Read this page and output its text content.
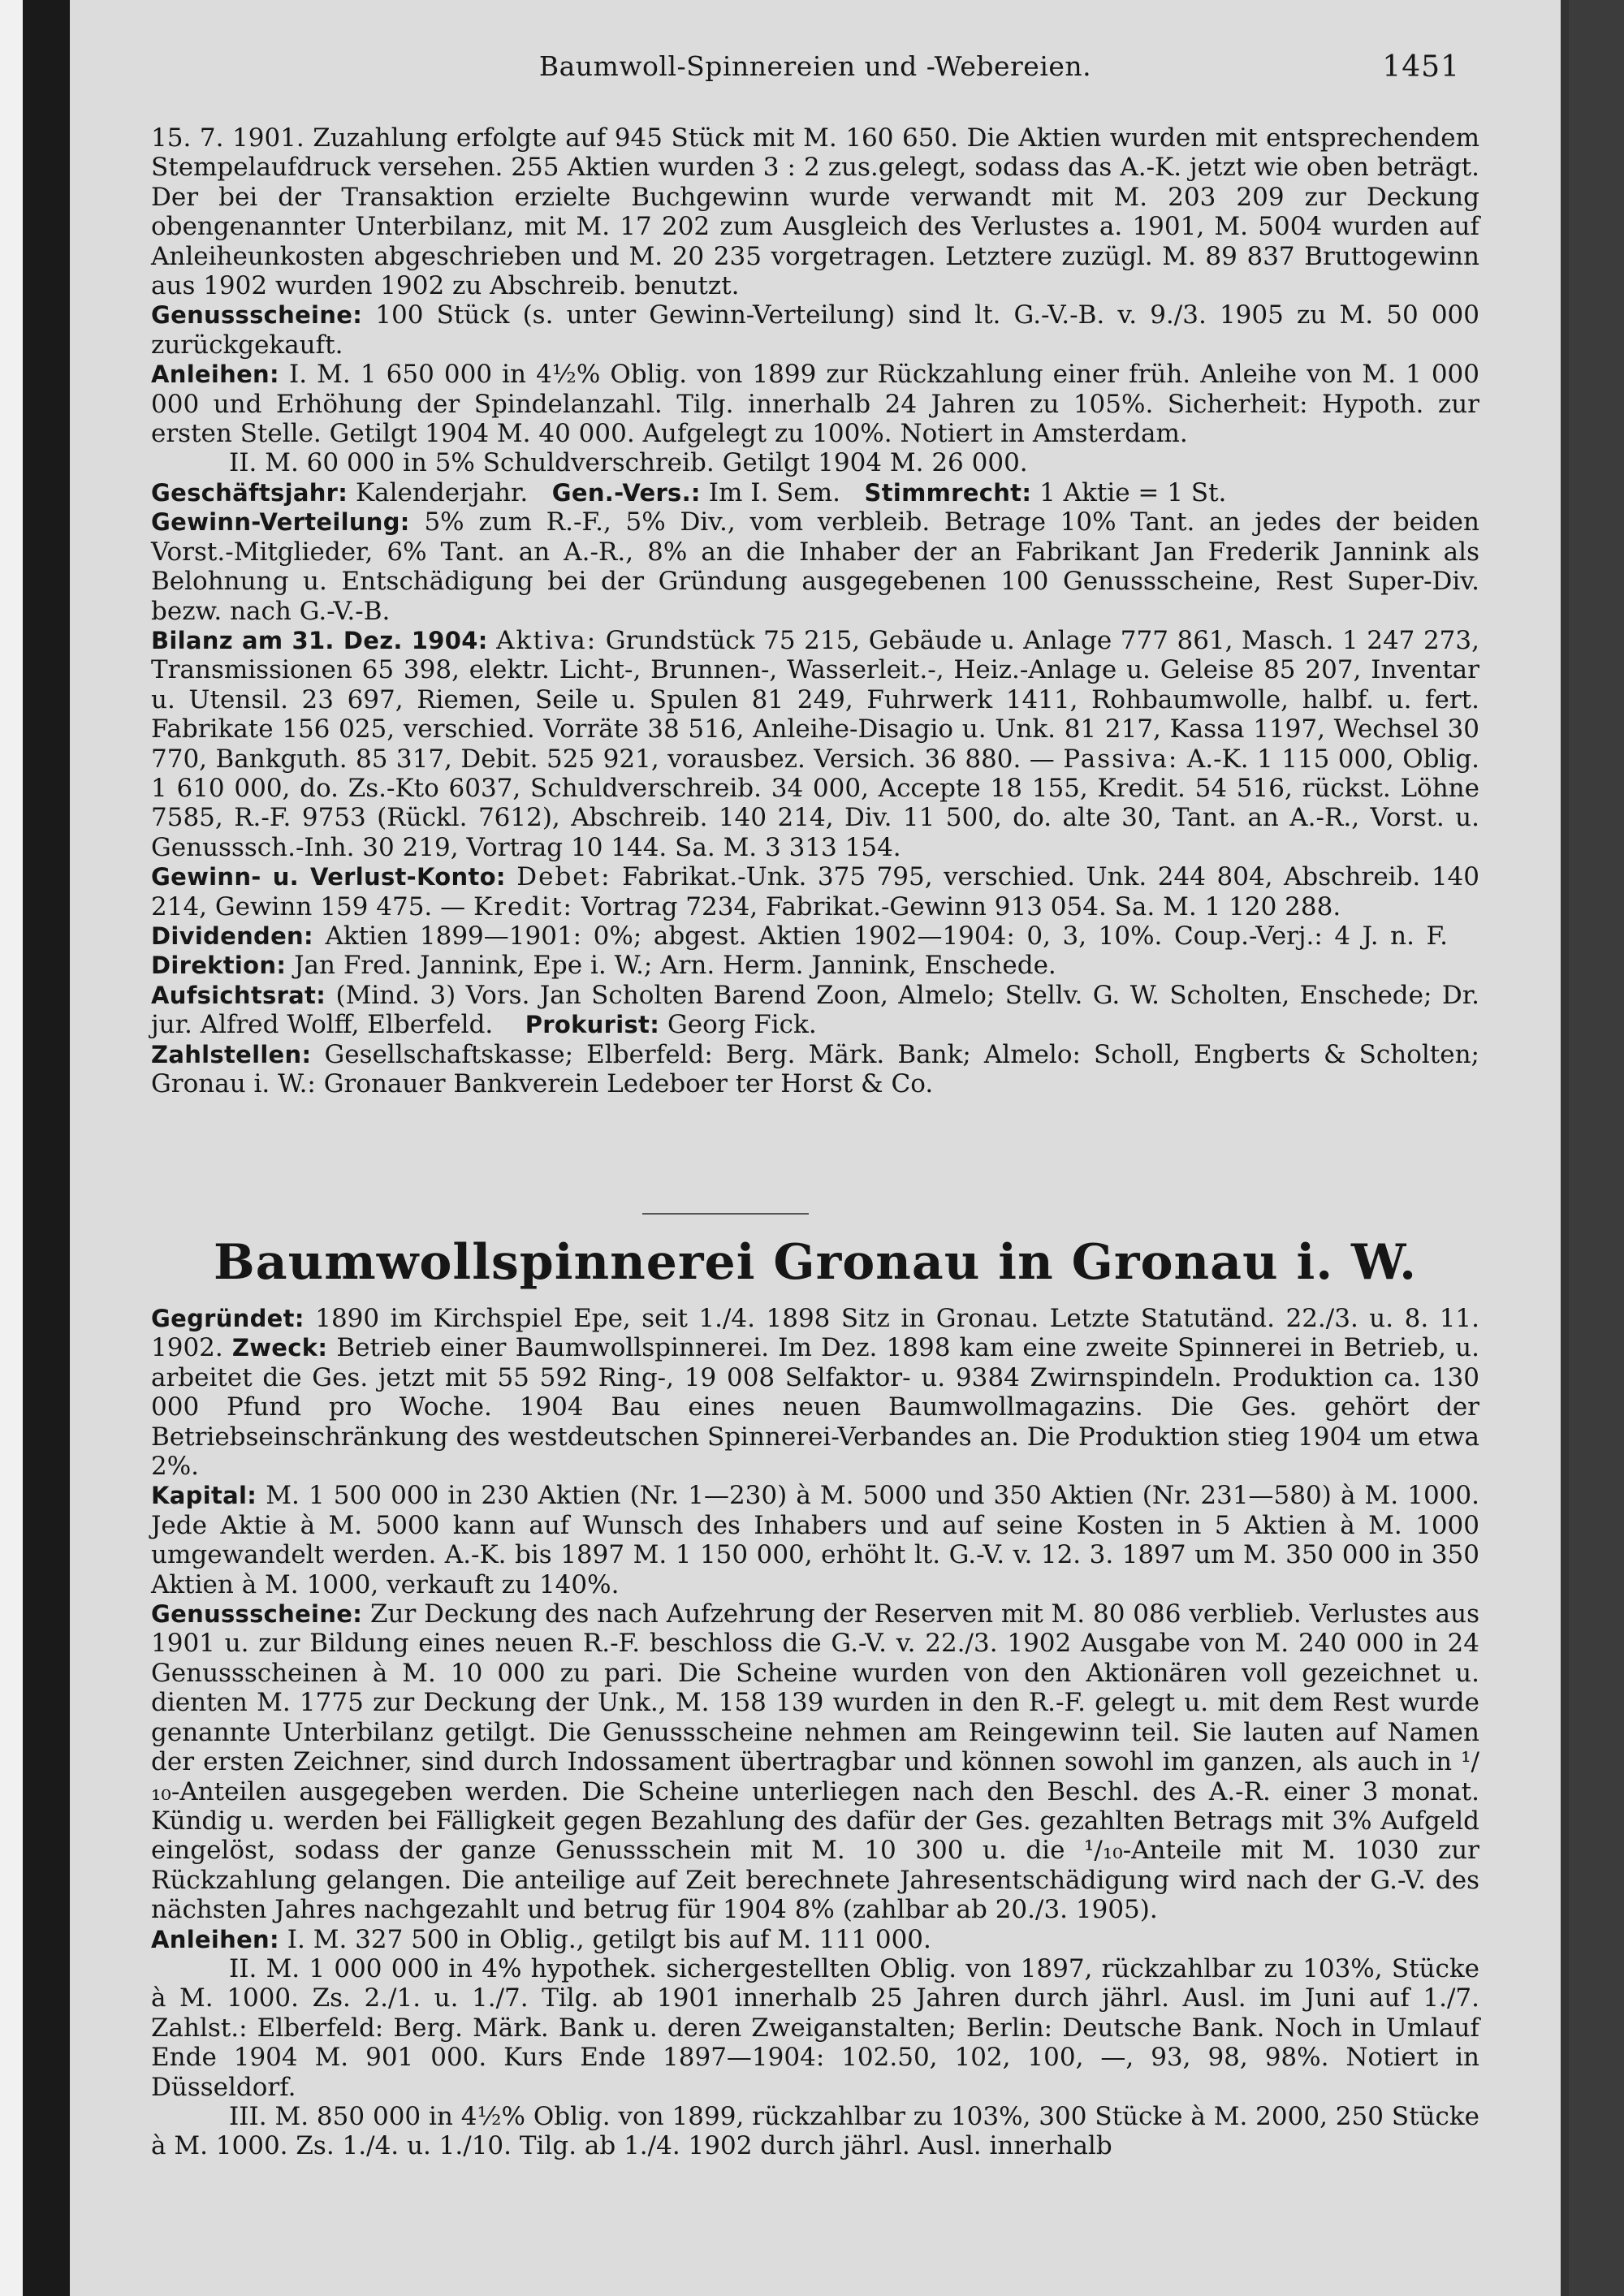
Baumwoll-Spinnereien und -Webereien.	1451

15. 7. 1901. Zuzahlung erfolgte auf 945 Stück mit M. 160 650. Die Aktien wurden mit entsprechendem Stempelaufdruck versehen. 255 Aktien wurden 3 : 2 zus.gelegt, sodass das A.-K. jetzt wie oben beträgt. Der bei der Transaktion erzielte Buchgewinn wurde verwandt mit M. 203 209 zur Deckung obengenannter Unterbilanz, mit M. 17 202 zum Ausgleich des Verlustes a. 1901, M. 5004 wurden auf Anleiheunkosten abgeschrieben und M. 20 235 vorgetragen. Letztere zuzügl. M. 89 837 Bruttogewinn aus 1902 wurden 1902 zu Abschreib. benutzt.

Genussscheine: 100 Stück (s. unter Gewinn-Verteilung) sind lt. G.-V.-B. v. 9./3. 1905 zu M. 50 000 zurückgekauft.

Anleihen: I. M. 1 650 000 in 4½% Oblig. von 1899 zur Rückzahlung einer früh. Anleihe von M. 1 000 000 und Erhöhung der Spindelanzahl. Tilg. innerhalb 24 Jahren zu 105%. Sicherheit: Hypoth. zur ersten Stelle. Getilgt 1904 M. 40 000. Aufgelegt zu 100%. Notiert in Amsterdam.

II. M. 60 000 in 5% Schuldverschreib. Getilgt 1904 M. 26 000.

Geschäftsjahr: Kalenderjahr. Gen.-Vers.: Im I. Sem. Stimmrecht: 1 Aktie = 1 St.

Gewinn-Verteilung: 5% zum R.-F., 5% Div., vom verbleib. Betrage 10% Tant. an jedes der beiden Vorst.-Mitglieder, 6% Tant. an A.-R., 8% an die Inhaber der an Fabrikant Jan Frederik Jannink als Belohnung u. Entschädigung bei der Gründung ausgegebenen 100 Genussscheine, Rest Super-Div. bezw. nach G.-V.-B.

Bilanz am 31. Dez. 1904: Aktiva: Grundstück 75 215, Gebäude u. Anlage 777 861, Masch. 1 247 273, Transmissionen 65 398, elektr. Licht-, Brunnen-, Wasserleit.-, Heiz.-Anlage u. Geleise 85 207, Inventar u. Utensil. 23 697, Riemen, Seile u. Spulen 81 249, Fuhrwerk 1411, Rohbaumwolle, halbf. u. fert. Fabrikate 156 025, verschied. Vorräte 38 516, Anleihe-Disagio u. Unk. 81 217, Kassa 1197, Wechsel 30 770, Bankguth. 85 317, Debit. 525 921, vorausbez. Versich. 36 880. — Passiva: A.-K. 1 115 000, Oblig. 1 610 000, do. Zs.-Kto 6037, Schuldverschreib. 34 000, Accepte 18 155, Kredit. 54 516, rückst. Löhne 7585, R.-F. 9753 (Rückl. 7612), Abschreib. 140 214, Div. 11 500, do. alte 30, Tant. an A.-R., Vorst. u. Genusssch.-Inh. 30 219, Vortrag 10 144. Sa. M. 3 313 154.

Gewinn- u. Verlust-Konto: Debet: Fabrikat.-Unk. 375 795, verschied. Unk. 244 804, Abschreib. 140 214, Gewinn 159 475. — Kredit: Vortrag 7234, Fabrikat.-Gewinn 913 054. Sa. M. 1 120 288.

Dividenden: Aktien 1899—1901: 0%; abgest. Aktien 1902—1904: 0, 3, 10%. Coup.-Verj.: 4 J. n. F.    Direktion: Jan Fred. Jannink, Epe i. W.; Arn. Herm. Jannink, Enschede.

Aufsichtsrat: (Mind. 3) Vors. Jan Scholten Barend Zoon, Almelo; Stellv. G. W. Scholten, Enschede; Dr. jur. Alfred Wolff, Elberfeld. Prokurist: Georg Fick.

Zahlstellen: Gesellschaftskasse; Elberfeld: Berg. Märk. Bank; Almelo: Scholl, Engberts & Scholten; Gronau i. W.: Gronauer Bankverein Ledeboer ter Horst & Co.

Baumwollspinnerei Gronau in Gronau i. W.

Gegründet: 1890 im Kirchspiel Epe, seit 1./4. 1898 Sitz in Gronau. Letzte Statutänd. 22./3. u. 8. 11. 1902. Zweck: Betrieb einer Baumwollspinnerei. Im Dez. 1898 kam eine zweite Spinnerei in Betrieb, u. arbeitet die Ges. jetzt mit 55 592 Ring-, 19 008 Selfaktor- u. 9384 Zwirnspindeln. Produktion ca. 130 000 Pfund pro Woche. 1904 Bau eines neuen Baumwollmagazins. Die Ges. gehört der Betriebseinschränkung des westdeutschen Spinnerei-Verbandes an. Die Produktion stieg 1904 um etwa 2%.

Kapital: M. 1 500 000 in 230 Aktien (Nr. 1—230) à M. 5000 und 350 Aktien (Nr. 231—580) à M. 1000. Jede Aktie à M. 5000 kann auf Wunsch des Inhabers und auf seine Kosten in 5 Aktien à M. 1000 umgewandelt werden. A.-K. bis 1897 M. 1 150 000, erhöht lt. G.-V. v. 12. 3. 1897 um M. 350 000 in 350 Aktien à M. 1000, verkauft zu 140%.

Genussscheine: Zur Deckung des nach Aufzehrung der Reserven mit M. 80 086 verblieb. Verlustes aus 1901 u. zur Bildung eines neuen R.-F. beschloss die G.-V. v. 22./3. 1902 Ausgabe von M. 240 000 in 24 Genussscheinen à M. 10 000 zu pari. Die Scheine wurden von den Aktionären voll gezeichnet u. dienten M. 1775 zur Deckung der Unk., M. 158 139 wurden in den R.-F. gelegt u. mit dem Rest wurde genannte Unterbilanz getilgt. Die Genussscheine nehmen am Reingewinn teil. Sie lauten auf Namen der ersten Zeichner, sind durch Indossament übertragbar und können sowohl im ganzen, als auch in ¹/₁₀-Anteilen ausgegeben werden. Die Scheine unterliegen nach den Beschl. des A.-R. einer 3 monat. Kündig u. werden bei Fälligkeit gegen Bezahlung des dafür der Ges. gezahlten Betrags mit 3% Aufgeld eingelöst, sodass der ganze Genussschein mit M. 10 300 u. die ¹/₁₀-Anteile mit M. 1030 zur Rückzahlung gelangen. Die anteilige auf Zeit berechnete Jahresentschädigung wird nach der G.-V. des nächsten Jahres nachgezahlt und betrug für 1904 8% (zahlbar ab 20./3. 1905).

Anleihen: I. M. 327 500 in Oblig., getilgt bis auf M. 111 000.

II. M. 1 000 000 in 4% hypothek. sichergestellten Oblig. von 1897, rückzahlbar zu 103%, Stücke à M. 1000. Zs. 2./1. u. 1./7. Tilg. ab 1901 innerhalb 25 Jahren durch jährl. Ausl. im Juni auf 1./7. Zahlst.: Elberfeld: Berg. Märk. Bank u. deren Zweiganstalten; Berlin: Deutsche Bank. Noch in Umlauf Ende 1904 M. 901 000. Kurs Ende 1897—1904: 102.50, 102, 100, —, 93, 98, 98%. Notiert in Düsseldorf.

III. M. 850 000 in 4½% Oblig. von 1899, rückzahlbar zu 103%, 300 Stücke à M. 2000, 250 Stücke à M. 1000. Zs. 1./4. u. 1./10. Tilg. ab 1./4. 1902 durch jährl. Ausl. innerhalb
